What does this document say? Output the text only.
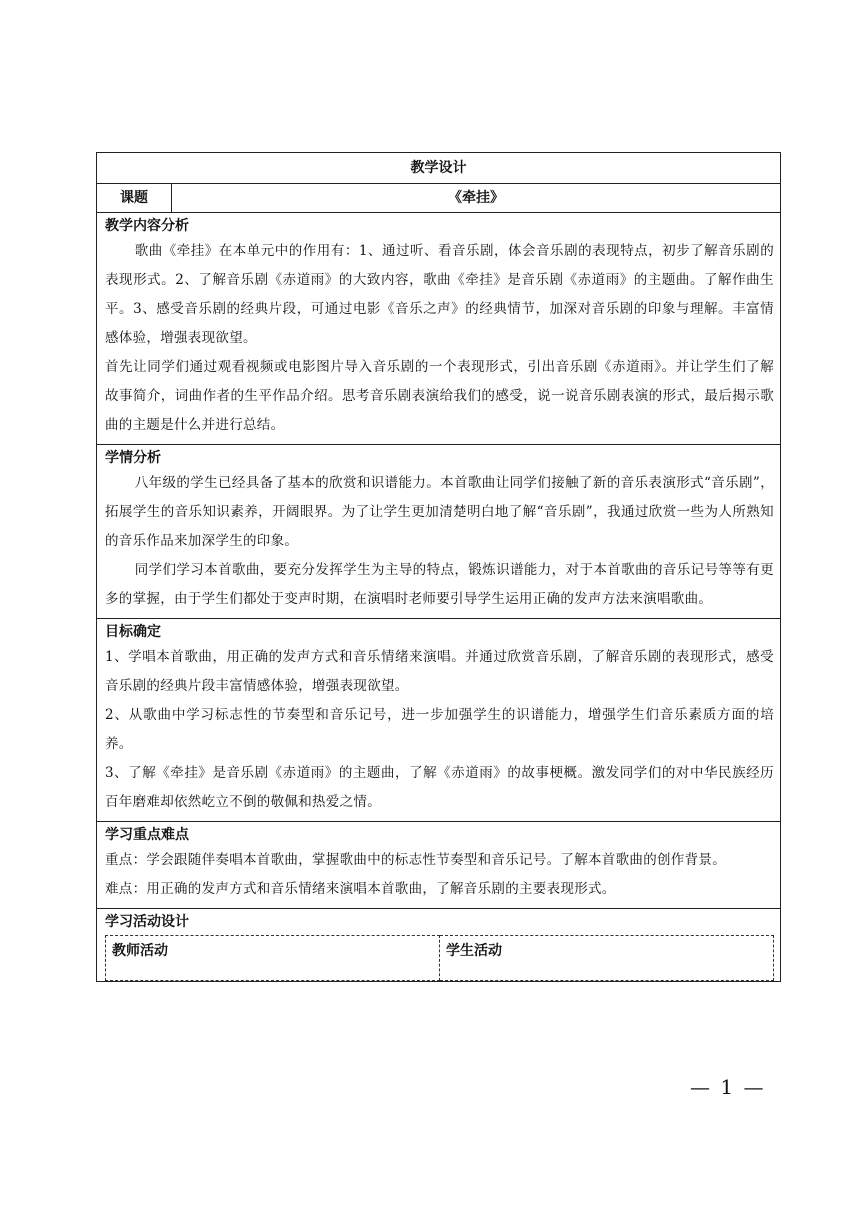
教学设计
课题	《牵挂》

教学内容分析

歌曲《牵挂》在本单元中的作用有：1、通过听、看音乐剧，体会音乐剧的表现特点，初步了解音乐剧的表现形式。2、了解音乐剧《赤道雨》的大致内容，歌曲《牵挂》是音乐剧《赤道雨》的主题曲。了解作曲生平。3、感受音乐剧的经典片段，可通过电影《音乐之声》的经典情节，加深对音乐剧的印象与理解。丰富情感体验，增强表现欲望。

首先让同学们通过观看视频或电影图片导入音乐剧的一个表现形式，引出音乐剧《赤道雨》。并让学生们了解故事简介，词曲作者的生平作品介绍。思考音乐剧表演给我们的感受，说一说音乐剧表演的形式，最后揭示歌曲的主题是什么并进行总结。

学情分析

八年级的学生已经具备了基本的欣赏和识谱能力。本首歌曲让同学们接触了新的音乐表演形式“音乐剧”，拓展学生的音乐知识素养，开阔眼界。为了让学生更加清楚明白地了解“音乐剧”，我通过欣赏一些为人所熟知的音乐作品来加深学生的印象。

同学们学习本首歌曲，要充分发挥学生为主导的特点，锻炼识谱能力，对于本首歌曲的音乐记号等等有更多的掌握，由于学生们都处于变声时期，在演唱时老师要引导学生运用正确的发声方法来演唱歌曲。

目标确定

1、学唱本首歌曲，用正确的发声方式和音乐情绪来演唱。并通过欣赏音乐剧，了解音乐剧的表现形式，感受音乐剧的经典片段丰富情感体验，增强表现欲望。

2、从歌曲中学习标志性的节奏型和音乐记号，进一步加强学生的识谱能力，增强学生们音乐素质方面的培养。

3、了解《牵挂》是音乐剧《赤道雨》的主题曲，了解《赤道雨》的故事梗概。激发同学们的对中华民族经历百年磨难却依然屹立不倒的敬佩和热爱之情。

学习重点难点

重点：学会跟随伴奏唱本首歌曲，掌握歌曲中的标志性节奏型和音乐记号。了解本首歌曲的创作背景。

难点：用正确的发声方式和音乐情绪来演唱本首歌曲，了解音乐剧的主要表现形式。

学习活动设计

教师活动	学生活动
— 1 —
